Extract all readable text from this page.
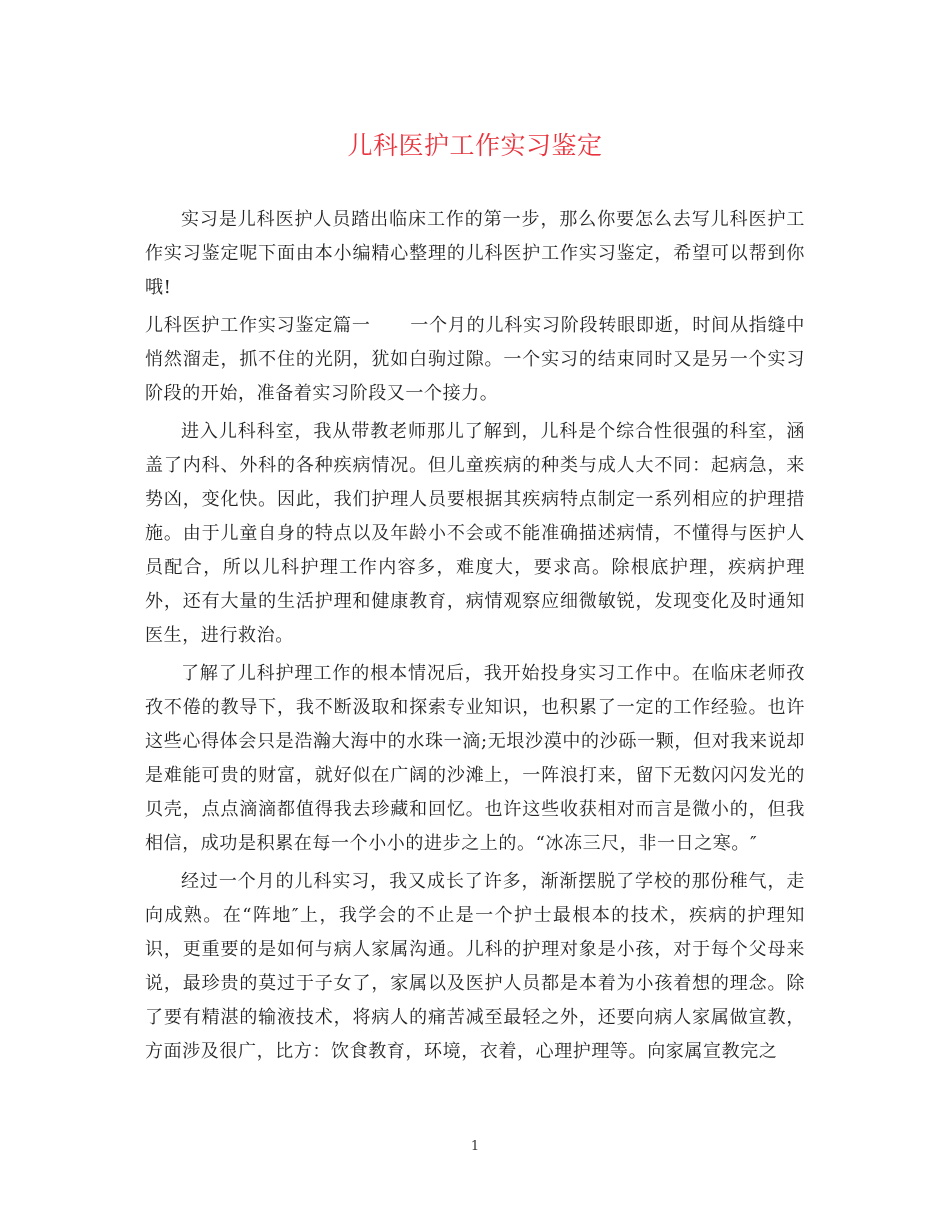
儿科医护工作实习鉴定

实习是儿科医护人员踏出临床工作的第一步，那么你要怎么去写儿科医护工作实习鉴定呢下面由本小编精心整理的儿科医护工作实习鉴定，希望可以帮到你哦!

儿科医护工作实习鉴定篇一 一个月的儿科实习阶段转眼即逝，时间从指缝中悄然溜走，抓不住的光阴，犹如白驹过隙。一个实习的结束同时又是另一个实习阶段的开始，准备着实习阶段又一个接力。

进入儿科科室，我从带教老师那儿了解到，儿科是个综合性很强的科室，涵盖了内科、外科的各种疾病情况。但儿童疾病的种类与成人大不同：起病急，来势凶，变化快。因此，我们护理人员要根据其疾病特点制定一系列相应的护理措施。由于儿童自身的特点以及年龄小不会或不能准确描述病情，不懂得与医护人员配合，所以儿科护理工作内容多，难度大，要求高。除根底护理，疾病护理外，还有大量的生活护理和健康教育，病情观察应细微敏锐，发现变化及时通知医生，进行救治。

了解了儿科护理工作的根本情况后，我开始投身实习工作中。在临床老师孜孜不倦的教导下，我不断汲取和探索专业知识，也积累了一定的工作经验。也许这些心得体会只是浩瀚大海中的水珠一滴;无垠沙漠中的沙砾一颗，但对我来说却是难能可贵的财富，就好似在广阔的沙滩上，一阵浪打来，留下无数闪闪发光的贝壳，点点滴滴都值得我去珍藏和回忆。也许这些收获相对而言是微小的，但我相信，成功是积累在每一个小小的进步之上的。“冰冻三尺，非一日之寒。″

经过一个月的儿科实习，我又成长了许多，渐渐摆脱了学校的那份稚气，走向成熟。在“阵地″上，我学会的不止是一个护士最根本的技术，疾病的护理知识，更重要的是如何与病人家属沟通。儿科的护理对象是小孩，对于每个父母来说，最珍贵的莫过于子女了，家属以及医护人员都是本着为小孩着想的理念。除了要有精湛的输液技术，将病人的痛苦减至最轻之外，还要向病人家属做宣教，方面涉及很广，比方：饮食教育，环境，衣着，心理护理等。向家属宣教完之

1
